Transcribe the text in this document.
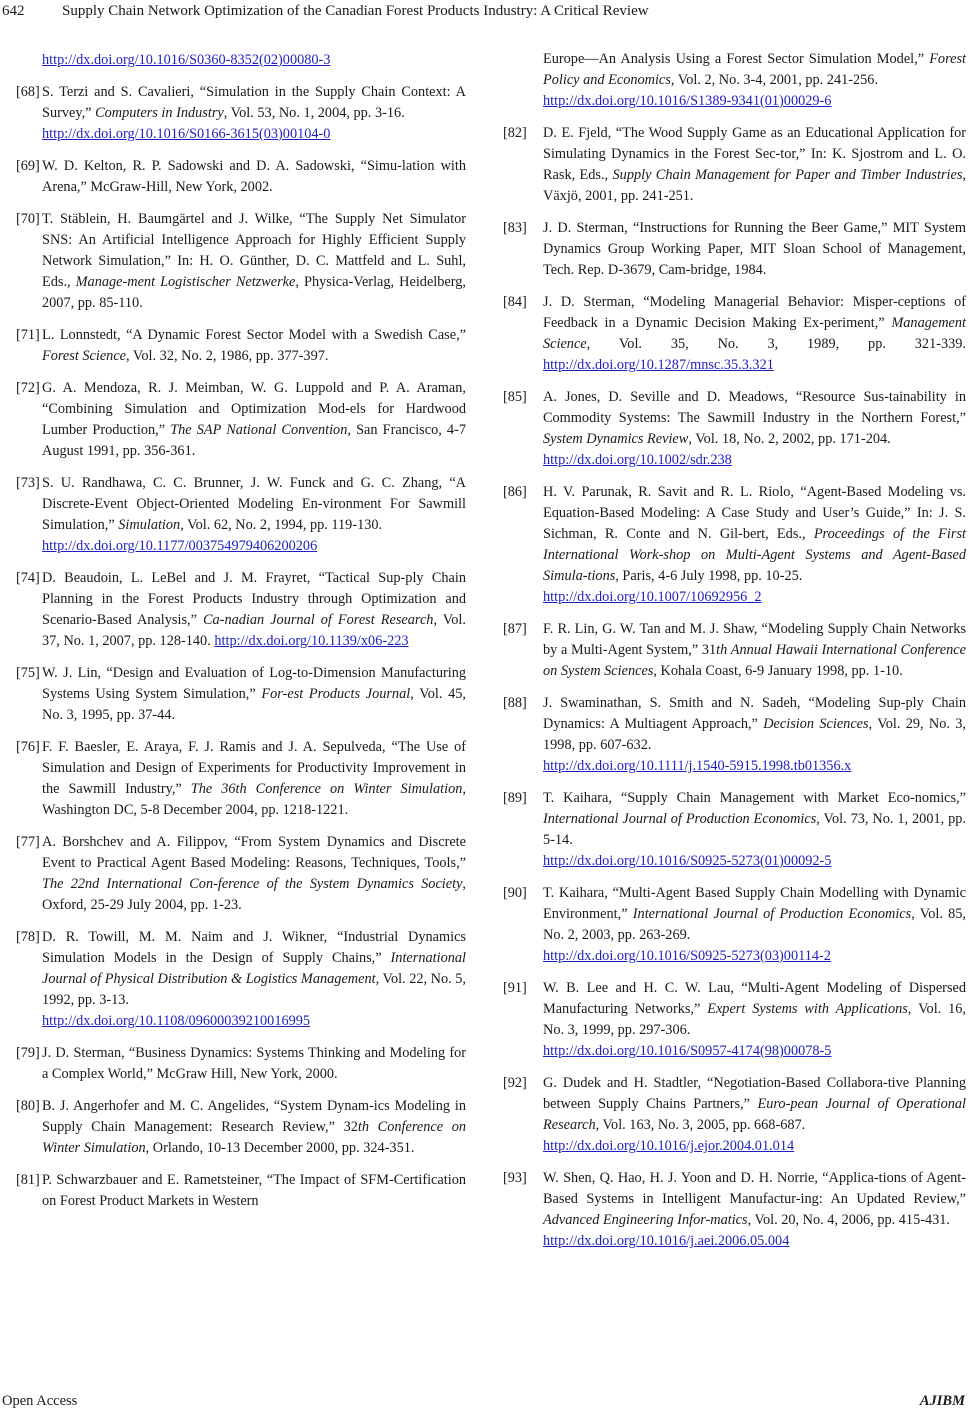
642	Supply Chain Network Optimization of the Canadian Forest Products Industry: A Critical Review
http://dx.doi.org/10.1016/S0360-8352(02)00080-3
[68] S. Terzi and S. Cavalieri, “Simulation in the Supply Chain Context: A Survey,” Computers in Industry, Vol. 53, No. 1, 2004, pp. 3-16.
http://dx.doi.org/10.1016/S0166-3615(03)00104-0
[69] W. D. Kelton, R. P. Sadowski and D. A. Sadowski, “Simu-lation with Arena,” McGraw-Hill, New York, 2002.
[70] T. Stäblein, H. Baumgärtel and J. Wilke, “The Supply Net Simulator SNS: An Artificial Intelligence Approach for Highly Efficient Supply Network Simulation,” In: H. O. Günther, D. C. Mattfeld and L. Suhl, Eds., Manage-ment Logistischer Netzwerke, Physica-Verlag, Heidelberg, 2007, pp. 85-110.
[71] L. Lonnstedt, “A Dynamic Forest Sector Model with a Swedish Case,” Forest Science, Vol. 32, No. 2, 1986, pp. 377-397.
[72] G. A. Mendoza, R. J. Meimban, W. G. Luppold and P. A. Araman, “Combining Simulation and Optimization Mod-els for Hardwood Lumber Production,” The SAP National Convention, San Francisco, 4-7 August 1991, pp. 356-361.
[73] S. U. Randhawa, C. C. Brunner, J. W. Funck and G. C. Zhang, “A Discrete-Event Object-Oriented Modeling En-vironment For Sawmill Simulation,” Simulation, Vol. 62, No. 2, 1994, pp. 119-130.
http://dx.doi.org/10.1177/003754979406200206
[74] D. Beaudoin, L. LeBel and J. M. Frayret, “Tactical Sup-ply Chain Planning in the Forest Products Industry through Optimization and Scenario-Based Analysis,” Ca-nadian Journal of Forest Research, Vol. 37, No. 1, 2007, pp. 128-140. http://dx.doi.org/10.1139/x06-223
[75] W. J. Lin, “Design and Evaluation of Log-to-Dimension Manufacturing Systems Using System Simulation,” For-est Products Journal, Vol. 45, No. 3, 1995, pp. 37-44.
[76] F. F. Baesler, E. Araya, F. J. Ramis and J. A. Sepulveda, “The Use of Simulation and Design of Experiments for Productivity Improvement in the Sawmill Industry,” The 36th Conference on Winter Simulation, Washington DC, 5-8 December 2004, pp. 1218-1221.
[77] A. Borshchev and A. Filippov, “From System Dynamics and Discrete Event to Practical Agent Based Modeling: Reasons, Techniques, Tools,” The 22nd International Con-ference of the System Dynamics Society, Oxford, 25-29 July 2004, pp. 1-23.
[78] D. R. Towill, M. M. Naim and J. Wikner, “Industrial Dynamics Simulation Models in the Design of Supply Chains,” International Journal of Physical Distribution & Logistics Management, Vol. 22, No. 5, 1992, pp. 3-13.
http://dx.doi.org/10.1108/09600039210016995
[79] J. D. Sterman, “Business Dynamics: Systems Thinking and Modeling for a Complex World,” McGraw Hill, New York, 2000.
[80] B. J. Angerhofer and M. C. Angelides, “System Dynam-ics Modeling in Supply Chain Management: Research Review,” 32th Conference on Winter Simulation, Orlando, 10-13 December 2000, pp. 324-351.
[81] P. Schwarzbauer and E. Rametsteiner, “The Impact of SFM-Certification on Forest Product Markets in Western
Europe—An Analysis Using a Forest Sector Simulation Model,” Forest Policy and Economics, Vol. 2, No. 3-4, 2001, pp. 241-256.
http://dx.doi.org/10.1016/S1389-9341(01)00029-6
[82] D. E. Fjeld, “The Wood Supply Game as an Educational Application for Simulating Dynamics in the Forest Sec-tor,” In: K. Sjostrom and L. O. Rask, Eds., Supply Chain Management for Paper and Timber Industries, Växjö, 2001, pp. 241-251.
[83] J. D. Sterman, “Instructions for Running the Beer Game,” MIT System Dynamics Group Working Paper, MIT Sloan School of Management, Tech. Rep. D-3679, Cam-bridge, 1984.
[84] J. D. Sterman, “Modeling Managerial Behavior: Misper-ceptions of Feedback in a Dynamic Decision Making Ex-periment,” Management Science, Vol. 35, No. 3, 1989, pp. 321-339. http://dx.doi.org/10.1287/mnsc.35.3.321
[85] A. Jones, D. Seville and D. Meadows, “Resource Sus-tainability in Commodity Systems: The Sawmill Industry in the Northern Forest,” System Dynamics Review, Vol. 18, No. 2, 2002, pp. 171-204.
http://dx.doi.org/10.1002/sdr.238
[86] H. V. Parunak, R. Savit and R. L. Riolo, “Agent-Based Modeling vs. Equation-Based Modeling: A Case Study and User’s Guide,” In: J. S. Sichman, R. Conte and N. Gil-bert, Eds., Proceedings of the First International Work-shop on Multi-Agent Systems and Agent-Based Simula-tions, Paris, 4-6 July 1998, pp. 10-25.
http://dx.doi.org/10.1007/10692956_2
[87] F. R. Lin, G. W. Tan and M. J. Shaw, “Modeling Supply Chain Networks by a Multi-Agent System,” 31th Annual Hawaii International Conference on System Sciences, Kohala Coast, 6-9 January 1998, pp. 1-10.
[88] J. Swaminathan, S. Smith and N. Sadeh, “Modeling Sup-ply Chain Dynamics: A Multiagent Approach,” Decision Sciences, Vol. 29, No. 3, 1998, pp. 607-632.
http://dx.doi.org/10.1111/j.1540-5915.1998.tb01356.x
[89] T. Kaihara, “Supply Chain Management with Market Eco-nomics,” International Journal of Production Economics, Vol. 73, No. 1, 2001, pp. 5-14.
http://dx.doi.org/10.1016/S0925-5273(01)00092-5
[90] T. Kaihara, “Multi-Agent Based Supply Chain Modelling with Dynamic Environment,” International Journal of Production Economics, Vol. 85, No. 2, 2003, pp. 263-269.
http://dx.doi.org/10.1016/S0925-5273(03)00114-2
[91] W. B. Lee and H. C. W. Lau, “Multi-Agent Modeling of Dispersed Manufacturing Networks,” Expert Systems with Applications, Vol. 16, No. 3, 1999, pp. 297-306.
http://dx.doi.org/10.1016/S0957-4174(98)00078-5
[92] G. Dudek and H. Stadtler, “Negotiation-Based Collabora-tive Planning between Supply Chains Partners,” Euro-pean Journal of Operational Research, Vol. 163, No. 3, 2005, pp. 668-687.
http://dx.doi.org/10.1016/j.ejor.2004.01.014
[93] W. Shen, Q. Hao, H. J. Yoon and D. H. Norrie, “Applica-tions of Agent-Based Systems in Intelligent Manufactur-ing: An Updated Review,” Advanced Engineering Infor-matics, Vol. 20, No. 4, 2006, pp. 415-431.
http://dx.doi.org/10.1016/j.aei.2006.05.004
Open Access	AJIBM
